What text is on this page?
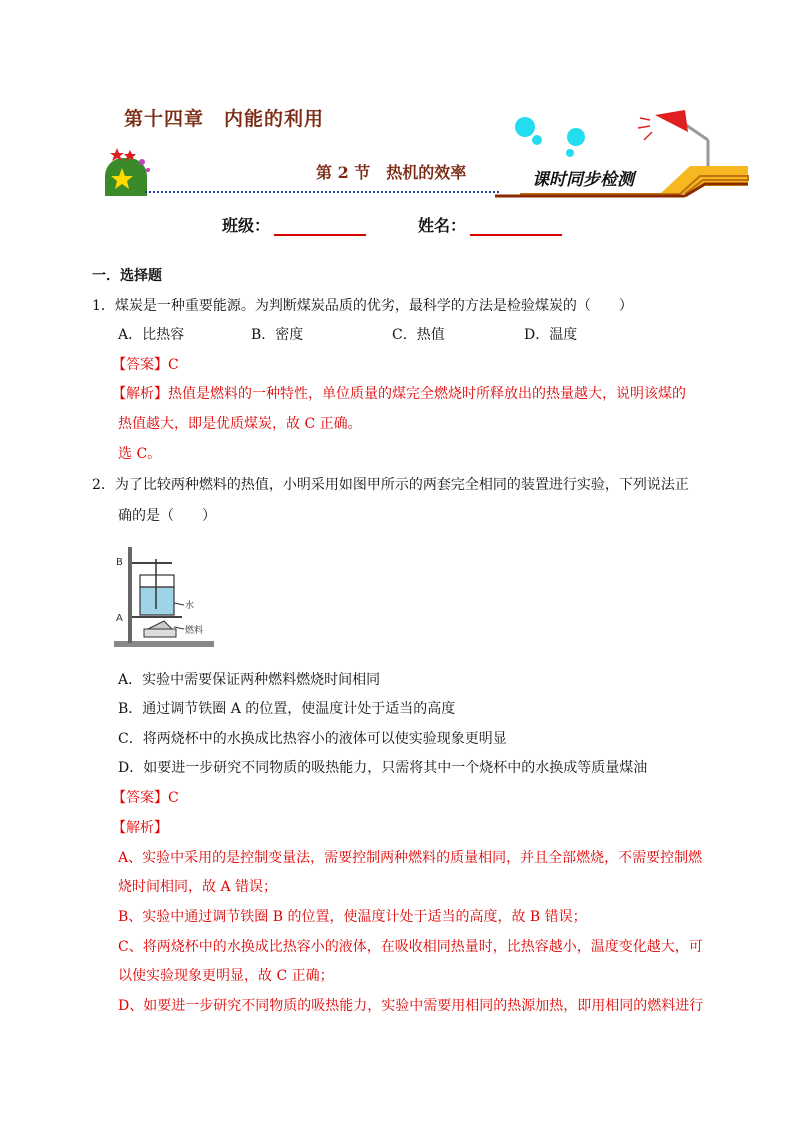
第十四章　内能的利用
第 2 节　热机的效率	课时同步检测
班级：	姓名：
一．选择题
1．煤炭是一种重要能源。为判断煤炭品质的优劣，最科学的方法是检验煤炭的（　　）
A．比热容	B．密度	C．热值	D．温度
【答案】C
【解析】热值是燃料的一种特性，单位质量的煤完全燃烧时所释放出的热量越大，说明该煤的
热值越大，即是优质煤炭，故 C 正确。
选 C。
2．为了比较两种燃料的热值，小明采用如图甲所示的两套完全相同的装置进行实验，下列说法正
确的是（　　）
B
A
水
燃料
A．实验中需要保证两种燃料燃烧时间相同
B．通过调节铁圈 A 的位置，使温度计处于适当的高度
C．将两烧杯中的水换成比热容小的液体可以使实验现象更明显
D．如要进一步研究不同物质的吸热能力，只需将其中一个烧杯中的水换成等质量煤油
【答案】C
【解析】
A、实验中采用的是控制变量法，需要控制两种燃料的质量相同，并且全部燃烧，不需要控制燃
烧时间相同，故 A 错误；
B、实验中通过调节铁圈 B 的位置，使温度计处于适当的高度，故 B 错误；
C、将两烧杯中的水换成比热容小的液体，在吸收相同热量时，比热容越小，温度变化越大，可
以使实验现象更明显，故 C 正确；
D、如要进一步研究不同物质的吸热能力，实验中需要用相同的热源加热，即用相同的燃料进行
